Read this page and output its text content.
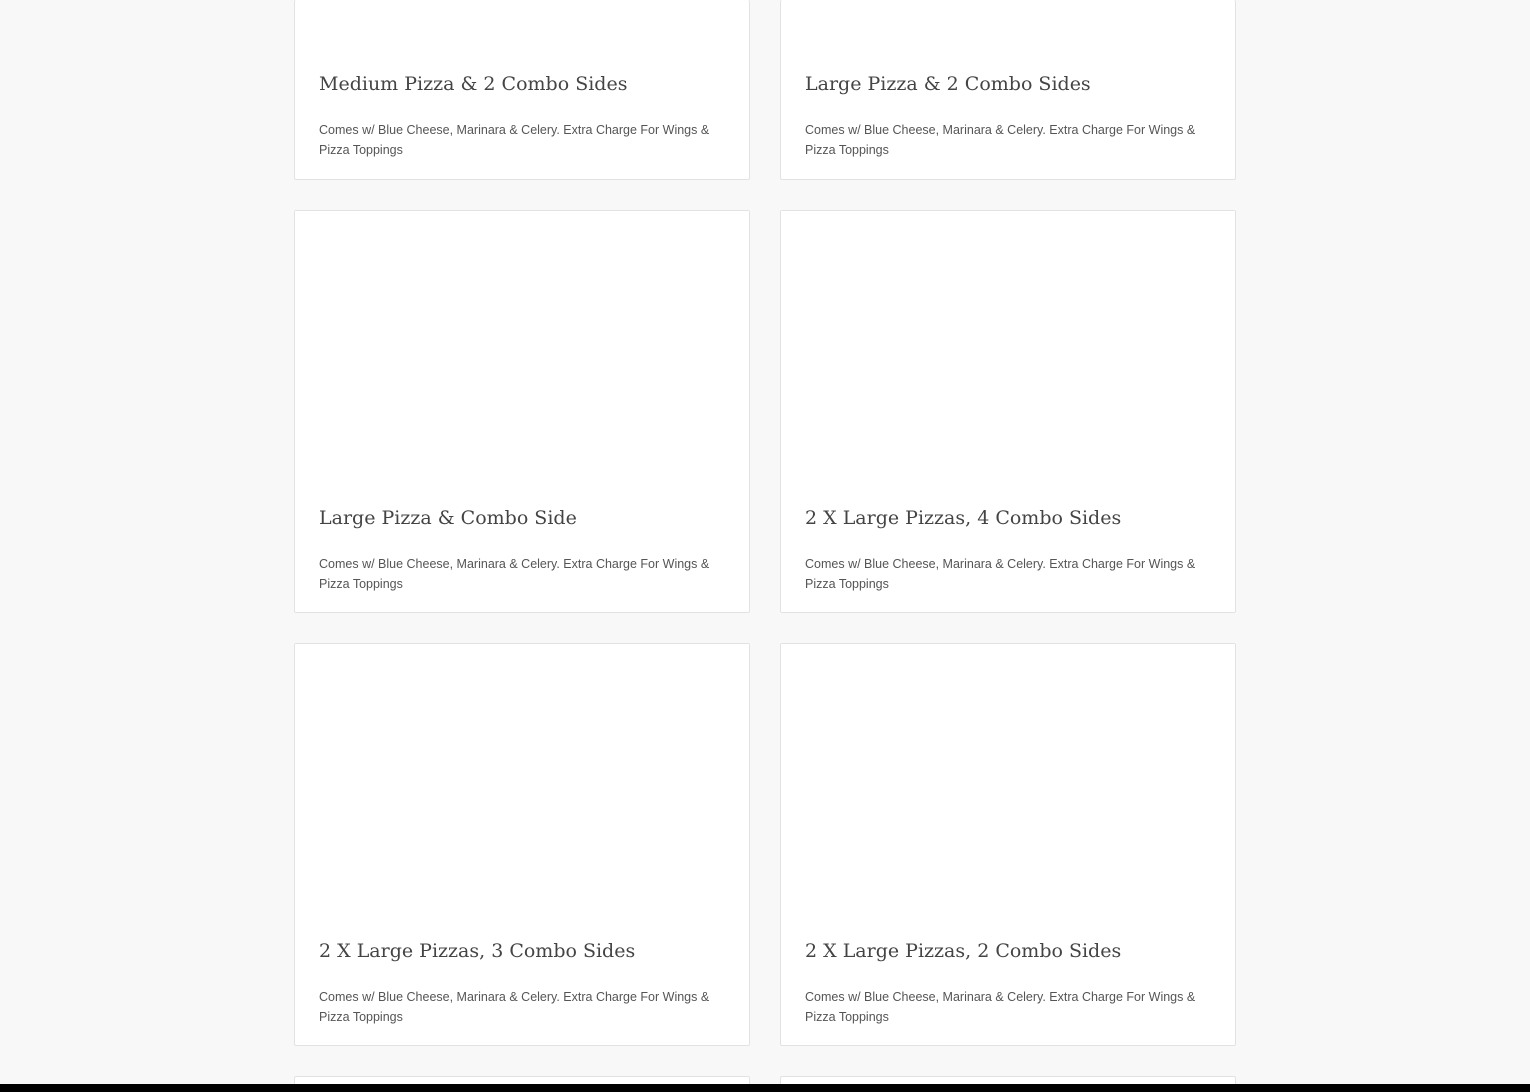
Medium Pizza & 2 Combo Sides

Comes w/ Blue Cheese, Marinara & Celery. Extra Charge For Wings & Pizza Toppings

Large Pizza & 2 Combo Sides

Comes w/ Blue Cheese, Marinara & Celery. Extra Charge For Wings & Pizza Toppings

Large Pizza & Combo Side

Comes w/ Blue Cheese, Marinara & Celery. Extra Charge For Wings & Pizza Toppings

2 X Large Pizzas, 4 Combo Sides

Comes w/ Blue Cheese, Marinara & Celery. Extra Charge For Wings & Pizza Toppings

2 X Large Pizzas, 3 Combo Sides

Comes w/ Blue Cheese, Marinara & Celery. Extra Charge For Wings & Pizza Toppings

2 X Large Pizzas, 2 Combo Sides

Comes w/ Blue Cheese, Marinara & Celery. Extra Charge For Wings & Pizza Toppings
